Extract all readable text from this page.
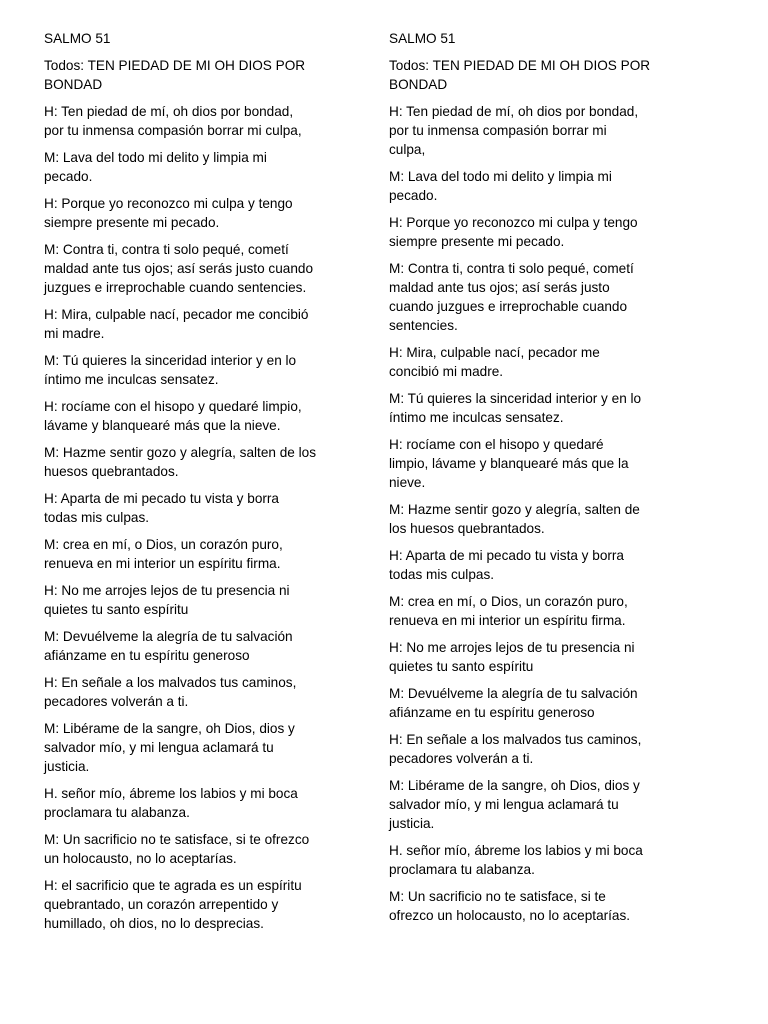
SALMO 51

Todos: TEN PIEDAD DE MI OH DIOS POR
BONDAD

H: Ten piedad de mí, oh dios por bondad,
por tu inmensa compasión borrar mi culpa,

M: Lava del todo mi delito y limpia mi
pecado.

H: Porque yo reconozco mi culpa y tengo
siempre presente mi pecado.

M: Contra ti, contra ti solo pequé, cometí
maldad ante tus ojos; así serás justo cuando
juzgues e irreprochable cuando sentencies.

H: Mira, culpable nací, pecador me concibió
mi madre.

M: Tú quieres la sinceridad interior y en lo
íntimo me inculcas sensatez.

H: rocíame con el hisopo y quedaré limpio,
lávame y blanquearé más que la nieve.

M: Hazme sentir gozo y alegría, salten de los
huesos quebrantados.

H: Aparta de mi pecado tu vista y borra
todas mis culpas.

M: crea en mí, o Dios, un corazón puro,
renueva en mi interior un espíritu firma.

H: No me arrojes lejos de tu presencia ni
quietes tu santo espíritu

M: Devuélveme la alegría de tu salvación
afiánzame en tu espíritu generoso

H: En señale a los malvados tus caminos,
pecadores volverán a ti.

M: Libérame de la sangre, oh Dios, dios y
salvador mío, y mi lengua aclamará tu
justicia.

H. señor mío, ábreme los labios y mi boca
proclamara tu alabanza.

M: Un sacrificio no te satisface, si te ofrezco
un holocausto, no lo aceptarías.

H: el sacrificio que te agrada es un espíritu
quebrantado, un corazón arrepentido y
humillado, oh dios, no lo desprecias.

SALMO 51

Todos: TEN PIEDAD DE MI OH DIOS POR
BONDAD

H: Ten piedad de mí, oh dios por bondad,
por tu inmensa compasión borrar mi
culpa,

M: Lava del todo mi delito y limpia mi
pecado.

H: Porque yo reconozco mi culpa y tengo
siempre presente mi pecado.

M: Contra ti, contra ti solo pequé, cometí
maldad ante tus ojos; así serás justo
cuando juzgues e irreprochable cuando
sentencies.

H: Mira, culpable nací, pecador me
concibió mi madre.

M: Tú quieres la sinceridad interior y en lo
íntimo me inculcas sensatez.

H: rocíame con el hisopo y quedaré
limpio, lávame y blanquearé más que la
nieve.

M: Hazme sentir gozo y alegría, salten de
los huesos quebrantados.

H: Aparta de mi pecado tu vista y borra
todas mis culpas.

M: crea en mí, o Dios, un corazón puro,
renueva en mi interior un espíritu firma.

H: No me arrojes lejos de tu presencia ni
quietes tu santo espíritu

M: Devuélveme la alegría de tu salvación
afiánzame en tu espíritu generoso

H: En señale a los malvados tus caminos,
pecadores volverán a ti.

M: Libérame de la sangre, oh Dios, dios y
salvador mío, y mi lengua aclamará tu
justicia.

H. señor mío, ábreme los labios y mi boca
proclamara tu alabanza.

M: Un sacrificio no te satisface, si te
ofrezco un holocausto, no lo aceptarías.
